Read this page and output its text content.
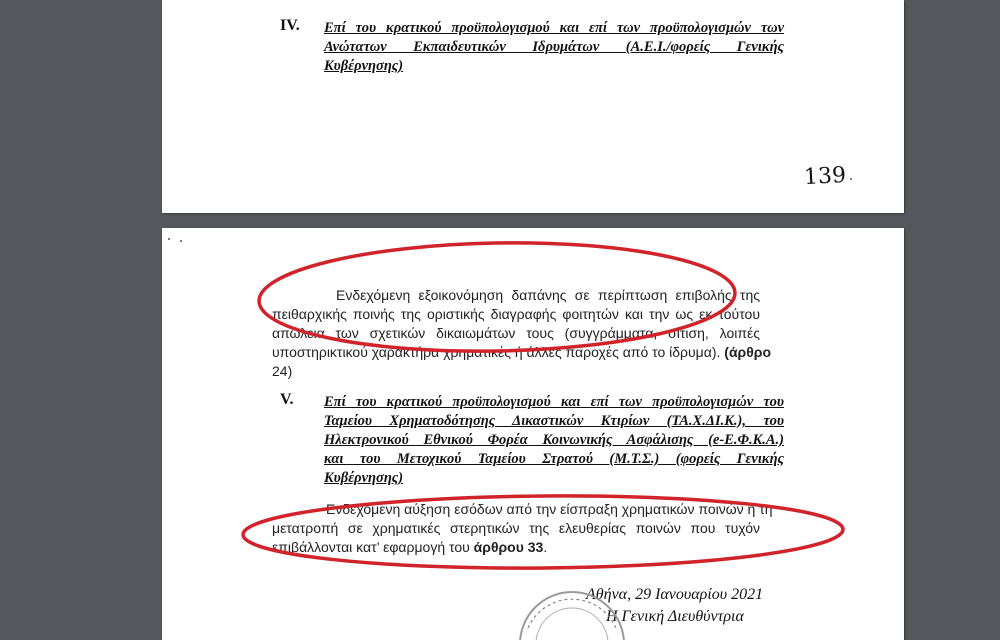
IV. Επί του κρατικού προϋπολογισμού και επί των προϋπολογισμών των
Ανώτατων Εκπαιδευτικών Ιδρυμάτων (Α.Ε.Ι./φορείς Γενικής
Κυβέρνησης)
139
Ενδεχόμενη εξοικονόμηση δαπάνης σε περίπτωση επιβολής της
πειθαρχικής ποινής της οριστικής διαγραφής φοιτητών και την ως εκ τούτου
απώλεια των σχετικών δικαιωμάτων τους (συγγράμματα, σίτιση, λοιπές
υποστηρικτικού χαρακτήρα χρηματικές ή άλλες παροχές από το ίδρυμα). (άρθρο
24)
V. Επί του κρατικού προϋπολογισμού και επί των προϋπολογισμών του
Ταμείου Χρηματοδότησης Δικαστικών Κτιρίων (ΤΑ.Χ.ΔΙ.Κ.), του
Ηλεκτρονικού Εθνικού Φορέα Κοινωνικής Ασφάλισης (e-Ε.Φ.Κ.Α.)
και του Μετοχικού Ταμείου Στρατού (Μ.Τ.Σ.) (φορείς Γενικής
Κυβέρνησης)
Ενδεχόμενη αύξηση εσόδων από την είσπραξη χρηματικών ποινών ή τη
μετατροπή σε χρηματικές στερητικών της ελευθερίας ποινών που τυχόν
επιβάλλονται κατ’ εφαρμογή του άρθρου 33.
Αθήνα, 29 Ιανουαρίου 2021
Η Γενική Διευθύντρια
